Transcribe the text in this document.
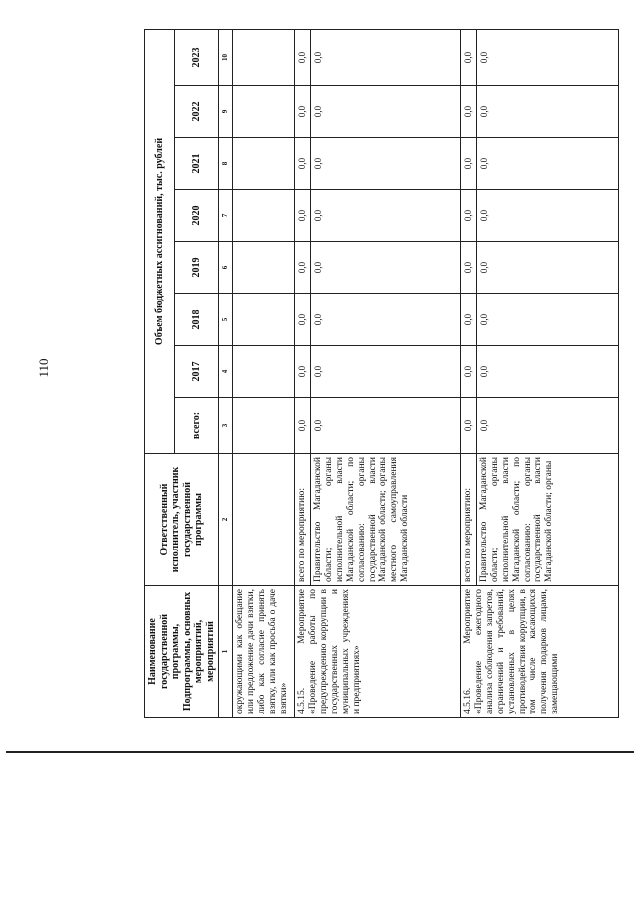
110
Наименование государственной программы, Подпрограммы, основных мероприятий, мероприятий	Ответственный исполнитель, участник государственной программы	Объем бюджетных ассигнований, тыс. рублей							
		всего:	2017	2018	2019	2020	2021	2022	2023
1	2	3	4	5	6	7	8	9	10
окружающими как обещание или предложение дачи взятки, либо как согласие принять взятку, или как просьба о даче взятки»									
4.5.15. Мероприятие «Проведение работы по предупреждению коррупции в государственных и муниципальных учреждениях и предприятиях»	всего по мероприятию:	0,0	0,0	0,0	0,0	0,0	0,0	0,0	0,0
	Правительство Магаданской области; органы исполнительной власти Магаданской области; по согласованию: органы государственной власти Магаданской области; органы местного самоуправления Магаданской области	0,0	0,0	0,0	0,0	0,0	0,0	0,0	0,0
4.5.16. Мероприятие «Проведение ежегодного анализа соблюдения запретов, ограничений и требований, установленных в целях противодействия коррупции, в том числе касающихся получения подарков лицами, замещающими	всего по мероприятию:	0,0	0,0	0,0	0,0	0,0	0,0	0,0	0,0
	Правительство Магаданской области; органы исполнительной власти Магаданской области; по согласованию: органы государственной власти Магаданской области; органы	0,0	0,0	0,0	0,0	0,0	0,0	0,0	0,0
